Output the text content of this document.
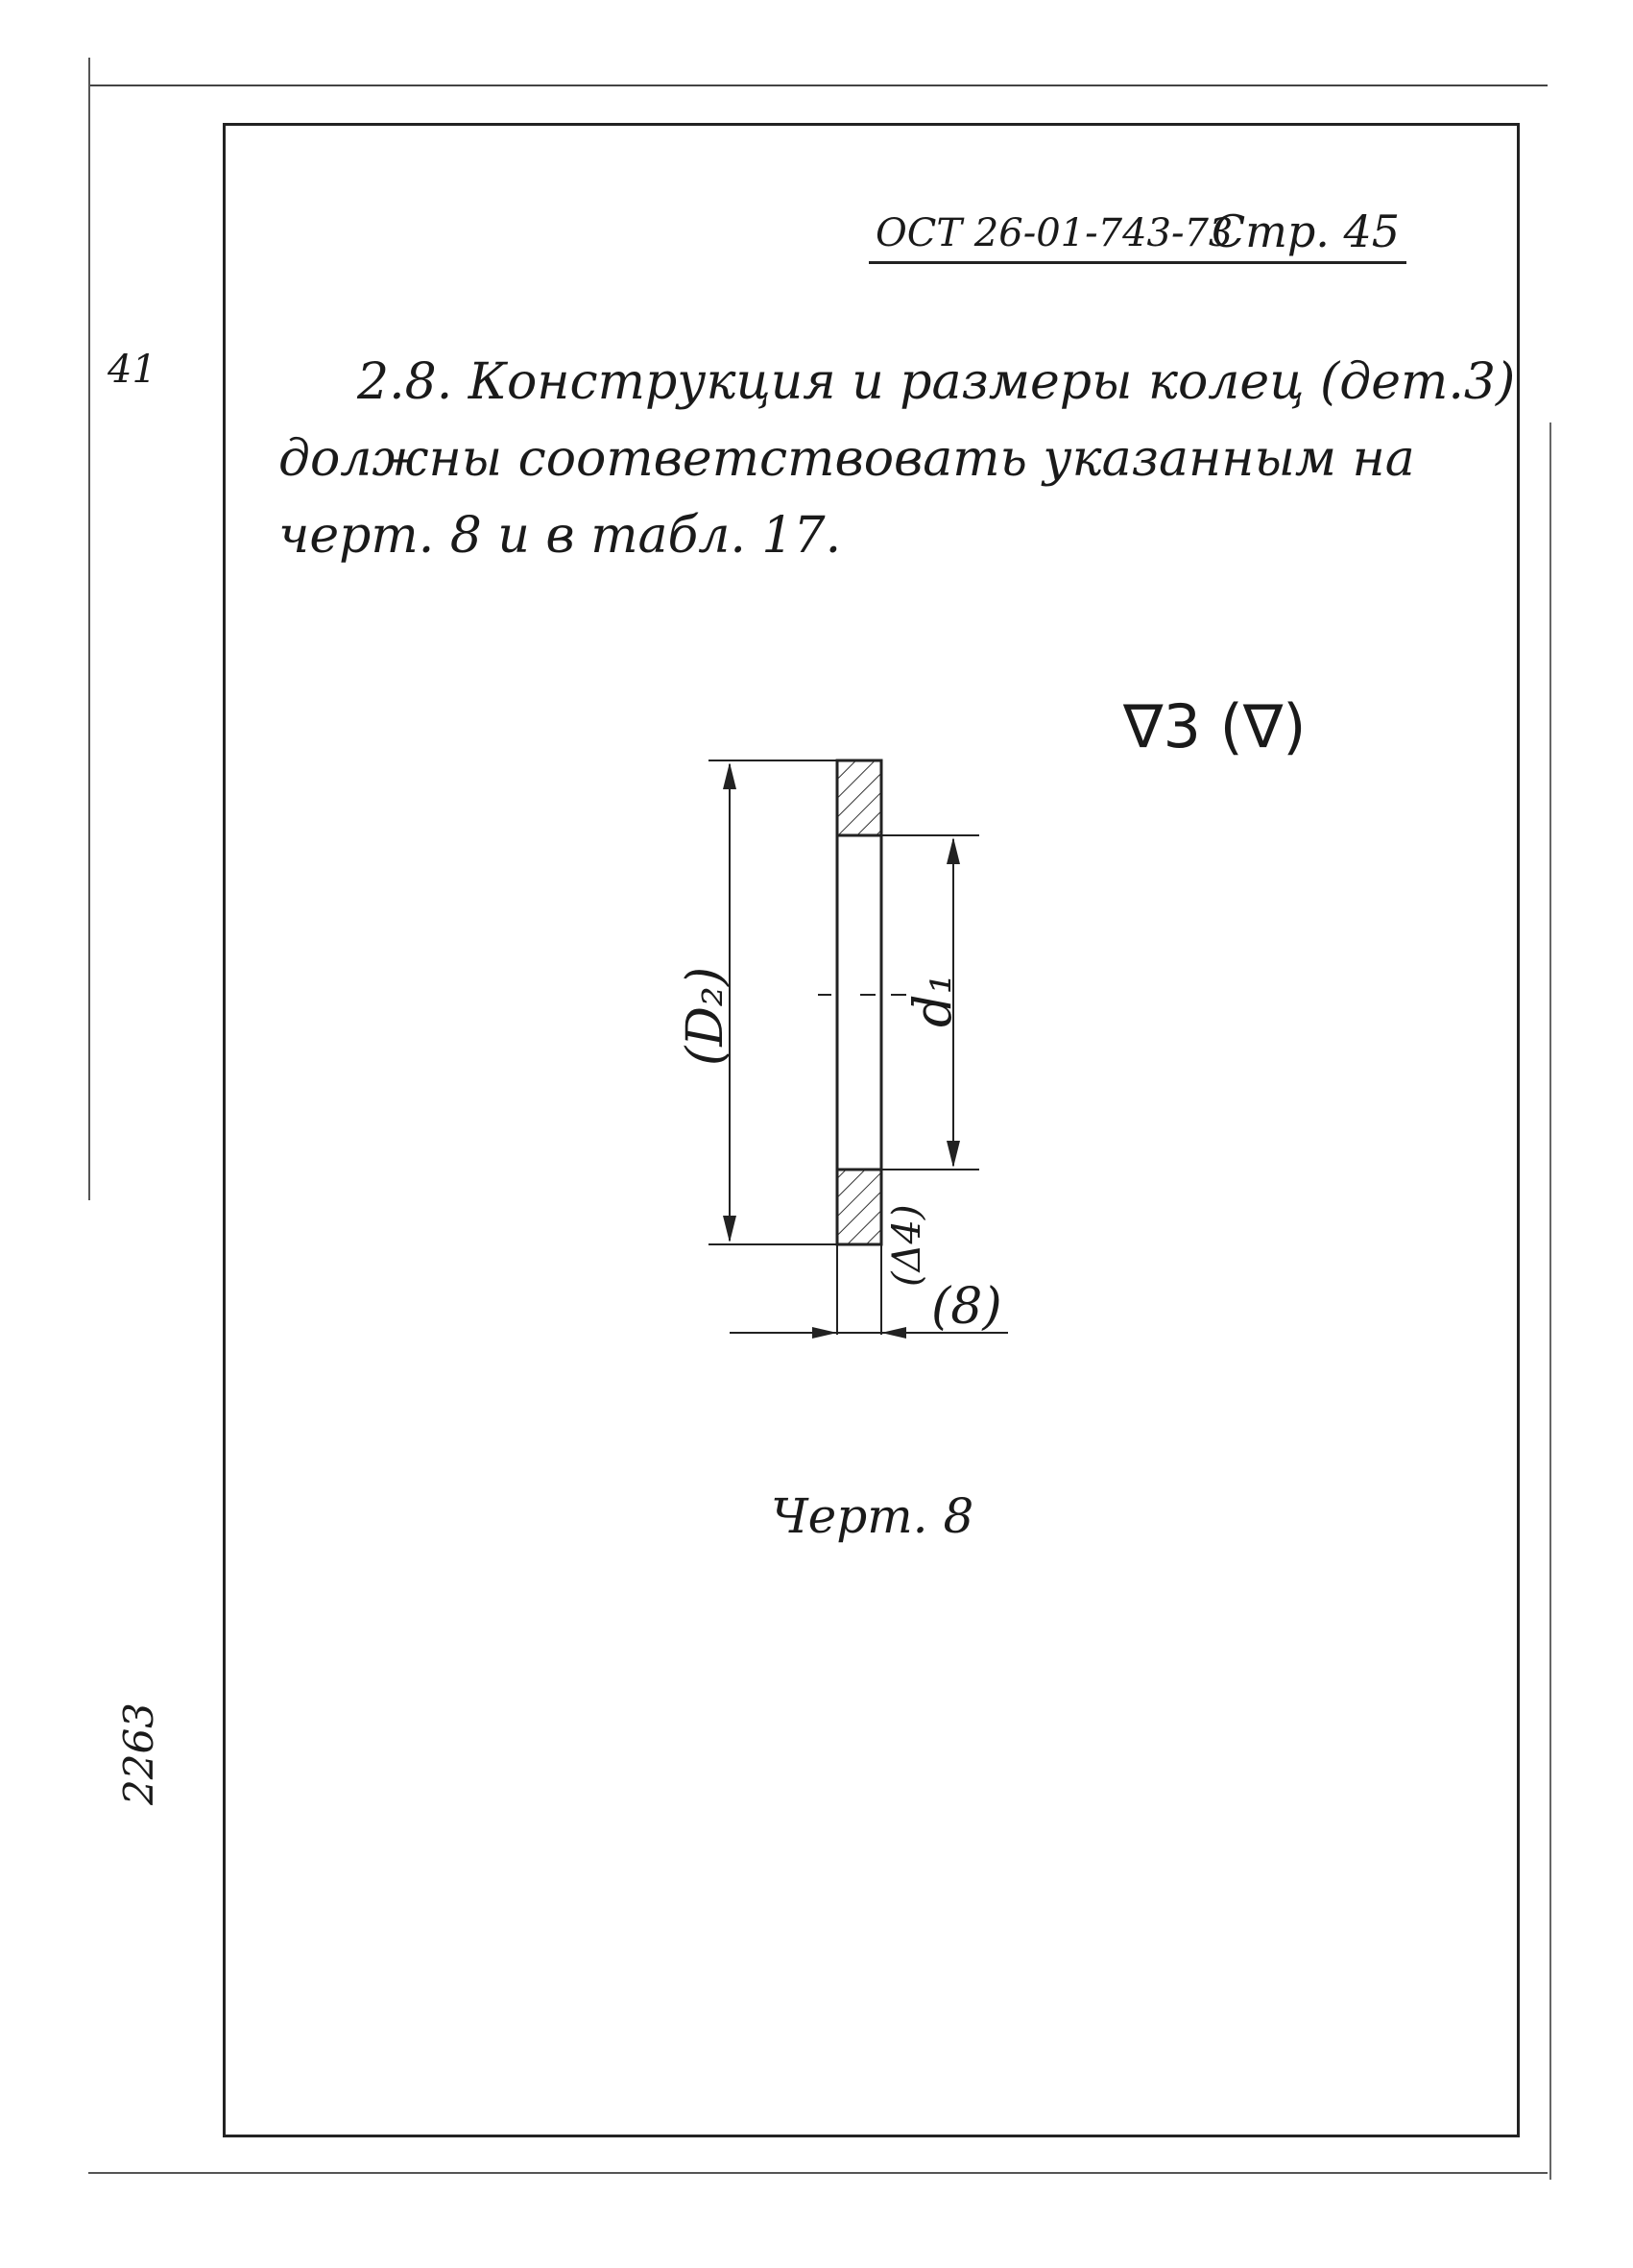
41
2263
ОСТ 26-01-743-73
Стр. 45
2.8. Конструкция и размеры колец (дет.3)
должны соответствовать указанным на
черт. 8 и в табл. 17.
∇3 (∇)
(D₂)	d₁
(Δ4)
(8)
Черт. 8
